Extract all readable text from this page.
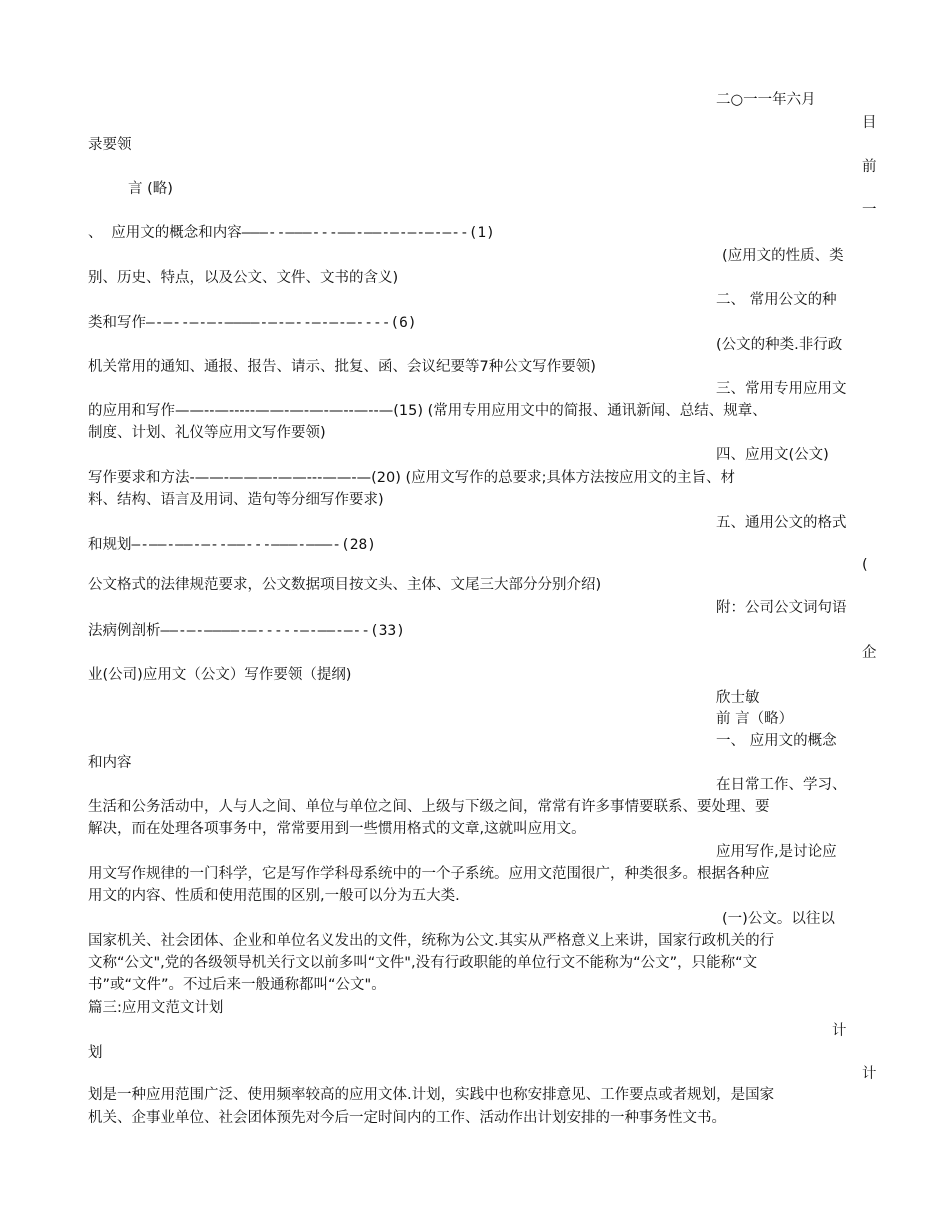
二○一一年六月
目
录要领
前
言 (略)
一
、 应用文的概念和内容———--———---——-——-—-—-—-—--(1)
(应用文的性质、类
别、历史、特点，以及公文、文件、文书的含义)
二、 常用公文的种
类和写作—-—--—-—-————-—-—--—-—-—----(6)
(公文的种类.非行政
机关常用的通知、通报、报告、请示、批复、函、会议纪要等7种公文写作要领)
三、常用专用应用文
的应用和写作——--—-----——-—-—-—--—--—(15) (常用专用应用文中的简报、通讯新闻、总结、规章、
制度、计划、礼仪等应用文写作要领)
四、应用文(公文)
写作要求和方法-——-———-——---——-—(20) (应用文写作的总要求;具体方法按应用文的主旨、材
料、结构、语言及用词、造句等分细写作要求)
五、通用公文的格式
和规划—-——-——-—--——---———-———-(28)
(
公文格式的法律规范要求，公文数据项目按文头、主体、文尾三大部分分别介绍)
附：公司公文词句语
法病例剖析——-—-————-—-----—-——-—--(33)
企
业(公司)应用文（公文）写作要领（提纲)
欣士敏
前 言（略）
一、 应用文的概念
和内容
在日常工作、学习、
生活和公务活动中，人与人之间、单位与单位之间、上级与下级之间，常常有许多事情要联系、要处理、要
解决，而在处理各项事务中，常常要用到一些惯用格式的文章,这就叫应用文。
应用写作,是讨论应
用文写作规律的一门科学，它是写作学科母系统中的一个子系统。应用文范围很广，种类很多。根据各种应
用文的内容、性质和使用范围的区别,一般可以分为五大类.
(一)公文。以往以
国家机关、社会团体、企业和单位名义发出的文件，统称为公文.其实从严格意义上来讲，国家行政机关的行
文称“公文",党的各级领导机关行文以前多叫“文件",没有行政职能的单位行文不能称为“公文”，只能称“文
书”或“文件”。不过后来一般通称都叫“公文"。
篇三:应用文范文计划
计
划
计
划是一种应用范围广泛、使用频率较高的应用文体.计划，实践中也称安排意见、工作要点或者规划，是国家
机关、企事业单位、社会团体预先对今后一定时间内的工作、活动作出计划安排的一种事务性文书。
